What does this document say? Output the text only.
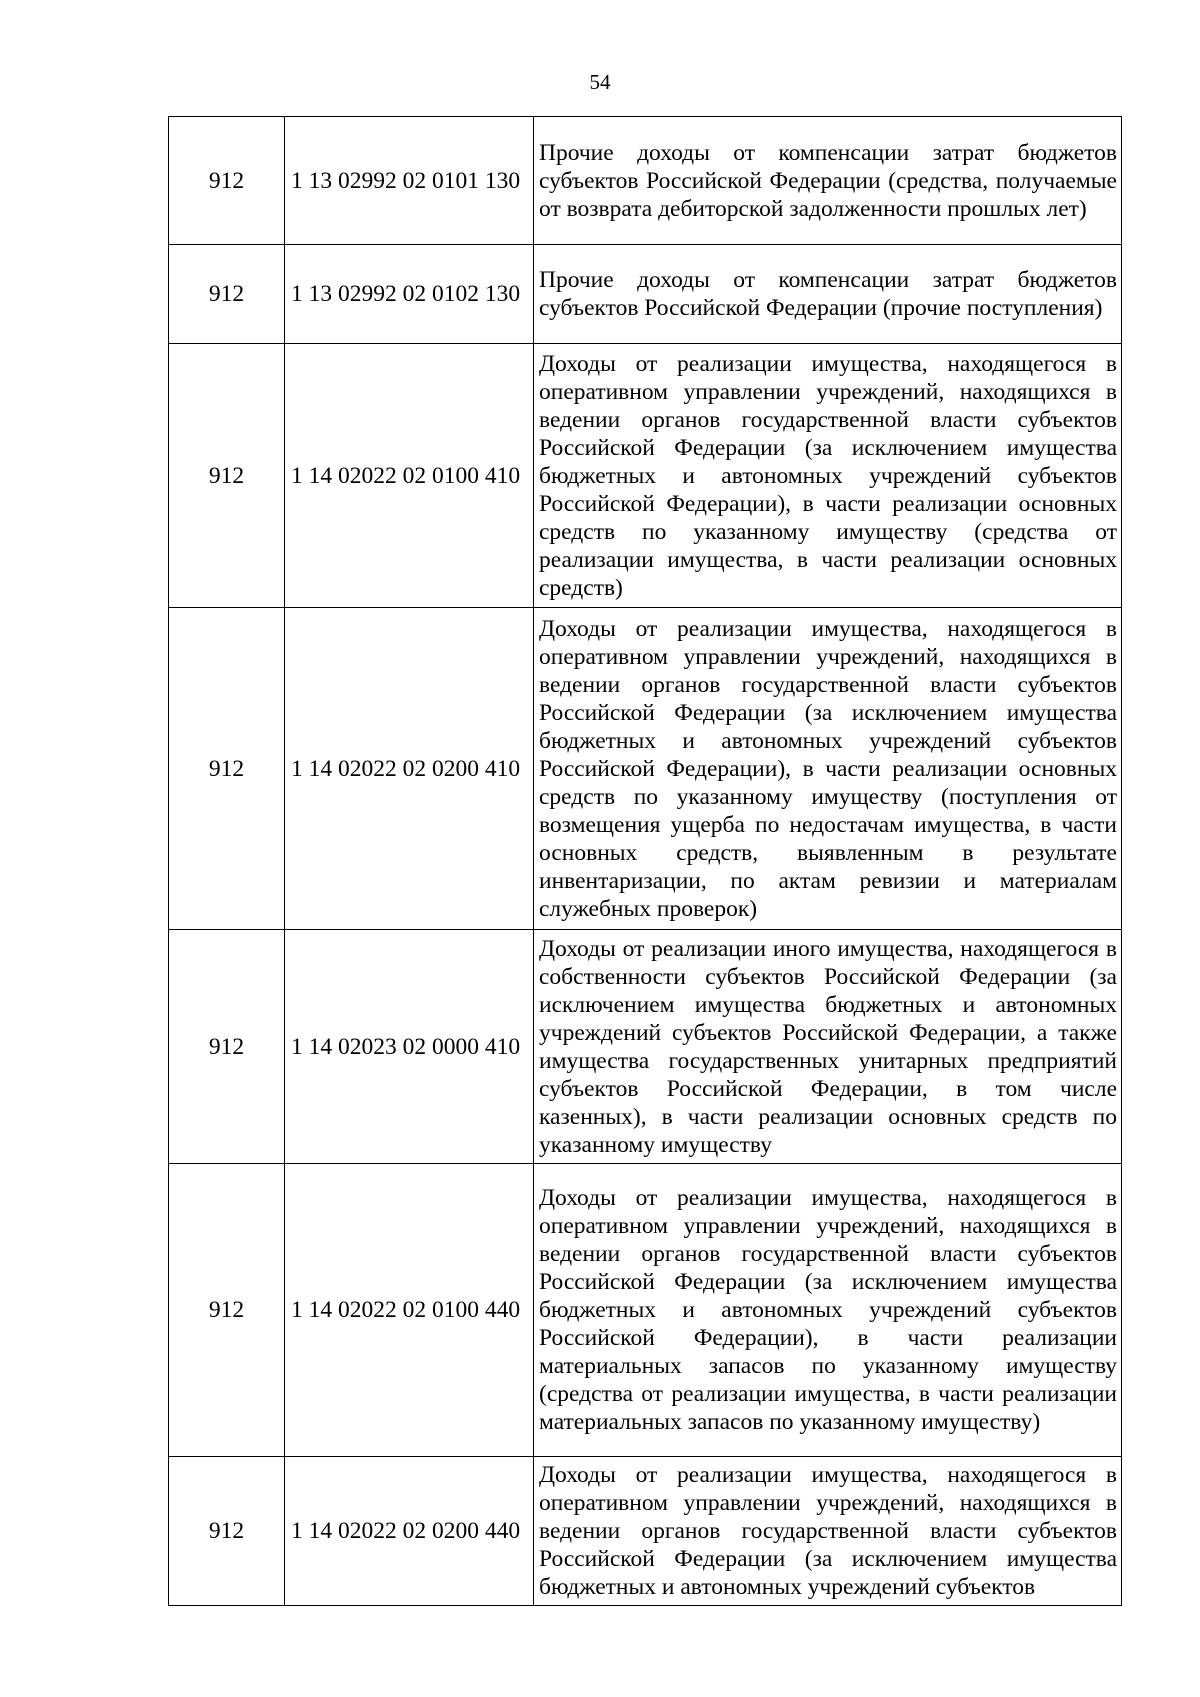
54
912	1 13 02992 02 0101 130	Прочие доходы от компенсации затрат бюджетов субъектов Российской Федерации (средства, получаемые от возврата дебиторской задолженности прошлых лет)
912	1 13 02992 02 0102 130	Прочие доходы от компенсации затрат бюджетов субъектов Российской Федерации (прочие поступления)
912	1 14 02022 02 0100 410	Доходы от реализации имущества, находящегося в оперативном управлении учреждений, находящихся в ведении органов государственной власти субъектов Российской Федерации (за исключением имущества бюджетных и автономных учреждений субъектов Российской Федерации), в части реализации основных средств по указанному имуществу (средства от реализации имущества, в части реализации основных средств)
912	1 14 02022 02 0200 410	Доходы от реализации имущества, находящегося в оперативном управлении учреждений, находящихся в ведении органов государственной власти субъектов Российской Федерации (за исключением имущества бюджетных и автономных учреждений субъектов Российской Федерации), в части реализации основных средств по указанному имуществу (поступления от возмещения ущерба по недостачам имущества, в части основных средств, выявленным в результате инвентаризации, по актам ревизии и материалам служебных проверок)
912	1 14 02023 02 0000 410	Доходы от реализации иного имущества, находящегося в собственности субъектов Российской Федерации (за исключением имущества бюджетных и автономных учреждений субъектов Российской Федерации, а также имущества государственных унитарных предприятий субъектов Российской Федерации, в том числе казенных), в части реализации основных средств по указанному имуществу
912	1 14 02022 02 0100 440	Доходы от реализации имущества, находящегося в оперативном управлении учреждений, находящихся в ведении органов государственной власти субъектов Российской Федерации (за исключением имущества бюджетных и автономных учреждений субъектов Российской Федерации), в части реализации материальных запасов по указанному имуществу (средства от реализации имущества, в части реализации материальных запасов по указанному имуществу)
912	1 14 02022 02 0200 440	Доходы от реализации имущества, находящегося в оперативном управлении учреждений, находящихся в ведении органов государственной власти субъектов Российской Федерации (за исключением имущества бюджетных и автономных учреждений субъектов
